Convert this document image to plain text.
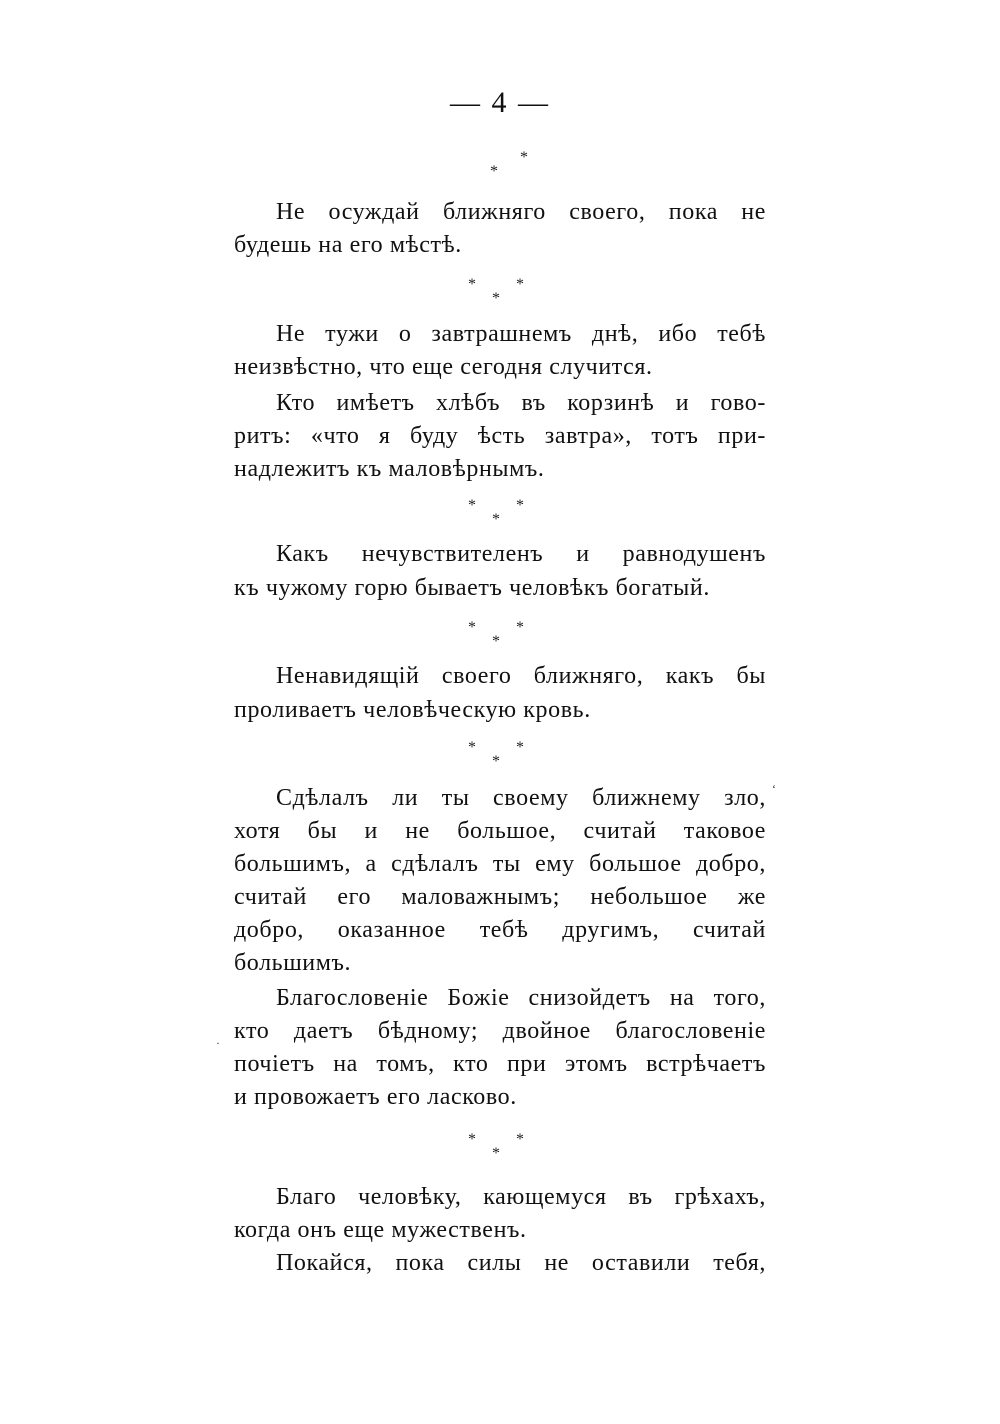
— 4 —
*
*
Не осуждай ближняго своего, пока не
будешь на его мѣстѣ.
*	*
*
Не тужи о завтрашнемъ днѣ, ибо тебѣ
неизвѣстно, что еще сегодня случится.
Кто имѣетъ хлѣбъ въ корзинѣ и гово-
ритъ: «что я буду ѣсть завтра», тотъ при-
надлежитъ къ маловѣрнымъ.
*	*
*
Какъ нечувствителенъ и равнодушенъ
къ чужому горю бываетъ человѣкъ богатый.
*	*
*
Ненавидящій своего ближняго, какъ бы
проливаетъ человѣческую кровь.
*	*
*
Сдѣлалъ ли ты своему ближнему зло,
хотя бы и не большое, считай таковое
большимъ, а сдѣлалъ ты ему большое добро,
считай его маловажнымъ; небольшое же
добро, оказанное тебѣ другимъ, считай
большимъ.
Благословеніе Божіе снизойдетъ на того,
кто даетъ бѣдному; двойное благословеніе
почіетъ на томъ, кто при этомъ встрѣчаетъ
и провожаетъ его ласково.
*	*
*
Благо человѣку, кающемуся въ грѣхахъ,
когда онъ еще мужественъ.
Покайся, пока силы не оставили тебя,
‘
·
